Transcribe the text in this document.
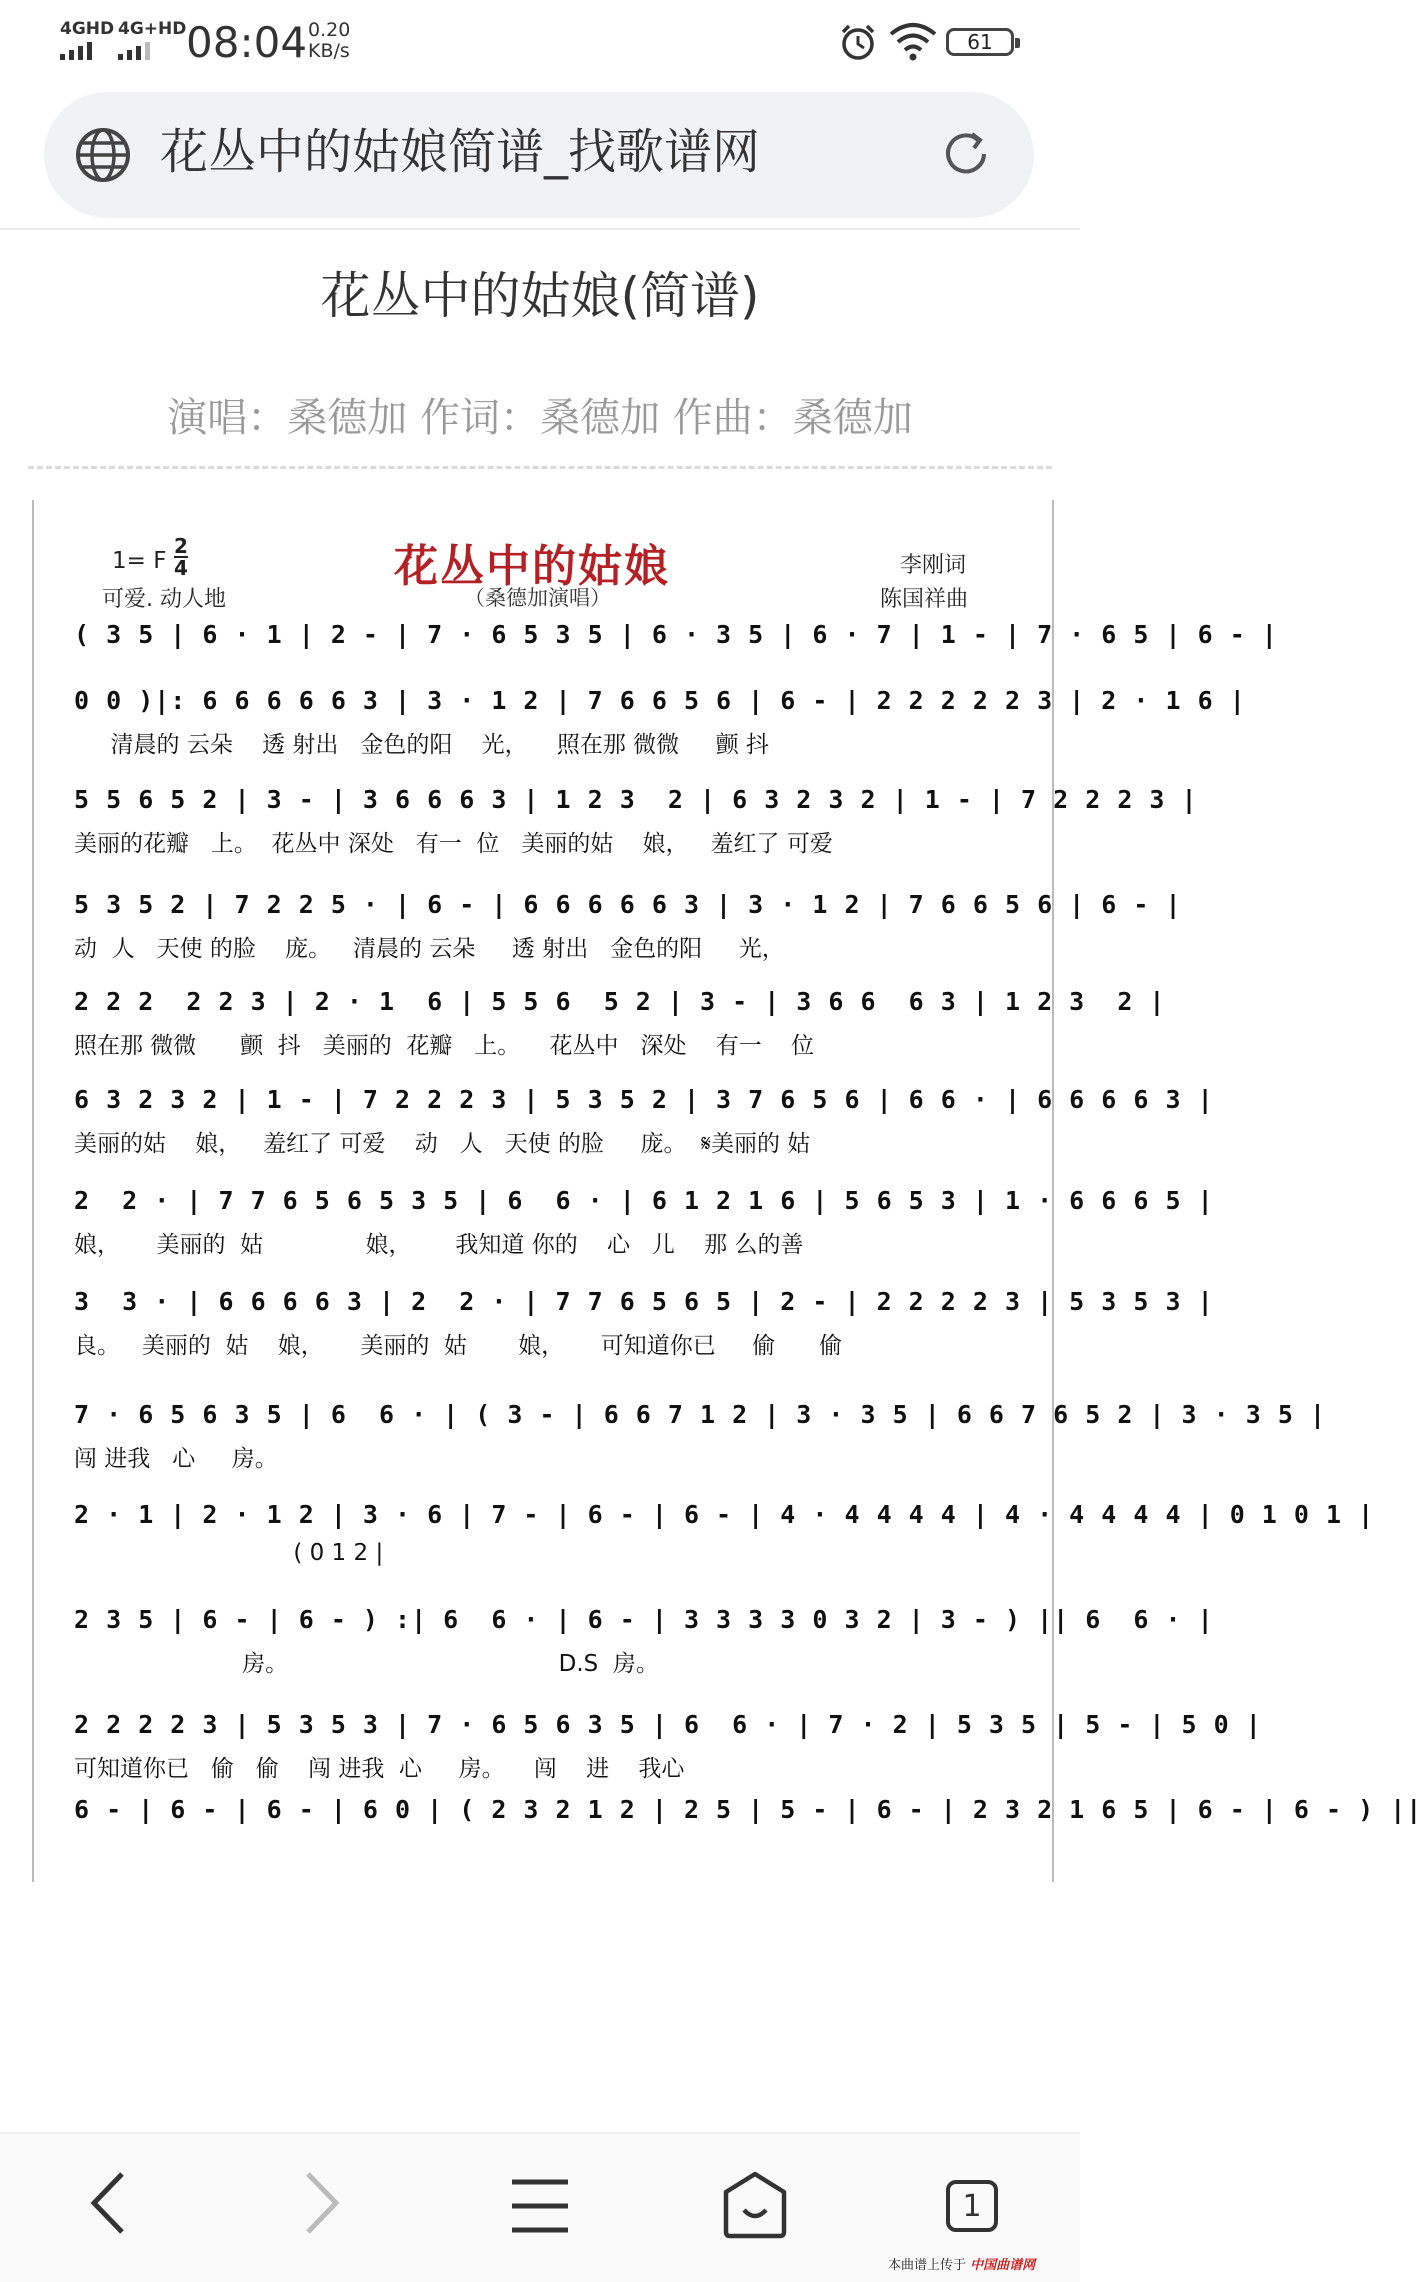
4GHD 4G+HD 08:04 0.20
KB/s	61
花丛中的姑娘简谱_找歌谱网
花丛中的姑娘(简谱)
演唱：桑德加 作词：桑德加 作曲：桑德加
1= F
2
4
可爱. 动人地
花丛中的姑娘
（桑德加演唱）
李刚词
陈国祥曲
( 3 5 | 6 · 1 | 2 - | 7 · 6 5 3 5 | 6 · 3 5 | 6 · 7 | 1 - | 7 · 6 5 | 6 - |
0 0 )|: 6 6 6 6 6 3 | 3 · 1 2 | 7 6 6 5 6 | 6 - | 2 2 2 2 2 3 | 2 · 1 6 |
清晨的 云朵    透 射出   金色的阳    光，    照在那 微微     颤 抖
5 5 6 5 2 | 3 - | 3 6 6 6 3 | 1 2 3  2 | 6 3 2 3 2 | 1 - | 7 2 2 2 3 |
美丽的花瓣   上。  花丛中 深处   有一  位   美丽的姑    娘，   羞红了 可爱
5 3 5 2 | 7 2 2 5 · | 6 - | 6 6 6 6 6 3 | 3 · 1 2 | 7 6 6 5 6 | 6 - |
动  人   天使 的脸    庞。   清晨的 云朵     透 射出   金色的阳     光，
2 2 2  2 2 3 | 2 · 1  6 | 5 5 6  5 2 | 3 - | 3 6 6  6 3 | 1 2 3  2 |
照在那 微微      颤  抖   美丽的  花瓣   上。    花丛中   深处    有一    位
6 3 2 3 2 | 1 - | 7 2 2 2 3 | 5 3 5 2 | 3 7 6 5 6 | 6 6 · | 6 6 6 6 3 |
美丽的姑    娘，   羞红了 可爱    动   人   天使 的脸     庞。  𝄋美丽的 姑
2  2 · | 7 7 6 5 6 5 3 5 | 6  6 · | 6 1 2 1 6 | 5 6 5 3 | 1 · 6 6 6 5 |
娘，     美丽的  姑              娘，      我知道 你的    心   儿    那 么的善
3  3 · | 6 6 6 6 3 | 2  2 · | 7 7 6 5 6 5 | 2 - | 2 2 2 2 3 | 5 3 5 3 |
良。   美丽的  姑    娘，     美丽的  姑       娘，     可知道你已     偷      偷
7 · 6 5 6 3 5 | 6  6 · | ( 3 - | 6 6 7 1 2 | 3 · 3 5 | 6 6 7 6 5 2 | 3 · 3 5 |
闯 进我   心     房。
2 · 1 | 2 · 1 2 | 3 · 6 | 7 - | 6 - | 6 - | 4 · 4 4 4 4 | 4 · 4 4 4 4 | 0 1 0 1 |
( 0 1 2 |
2 3 5 | 6 - | 6 - ) :| 6  6 · | 6 - | 3 3 3 3 0 3 2 | 3 - ) || 6  6 · |
房。                                     D.S  房。
2 2 2 2 3 | 5 3 5 3 | 7 · 6 5 6 3 5 | 6  6 · | 7 · 2 | 5 3 5 | 5 - | 5 0 |
可知道你已   偷   偷    闯 进我  心     房。    闯    进    我心
6 - | 6 - | 6 - | 6 0 | ( 2 3 2 1 2 | 2 5 | 5 - | 6 - | 2 3 2 1 6 5 | 6 - | 6 - ) ||
1
本曲谱上传于 中国曲谱网
